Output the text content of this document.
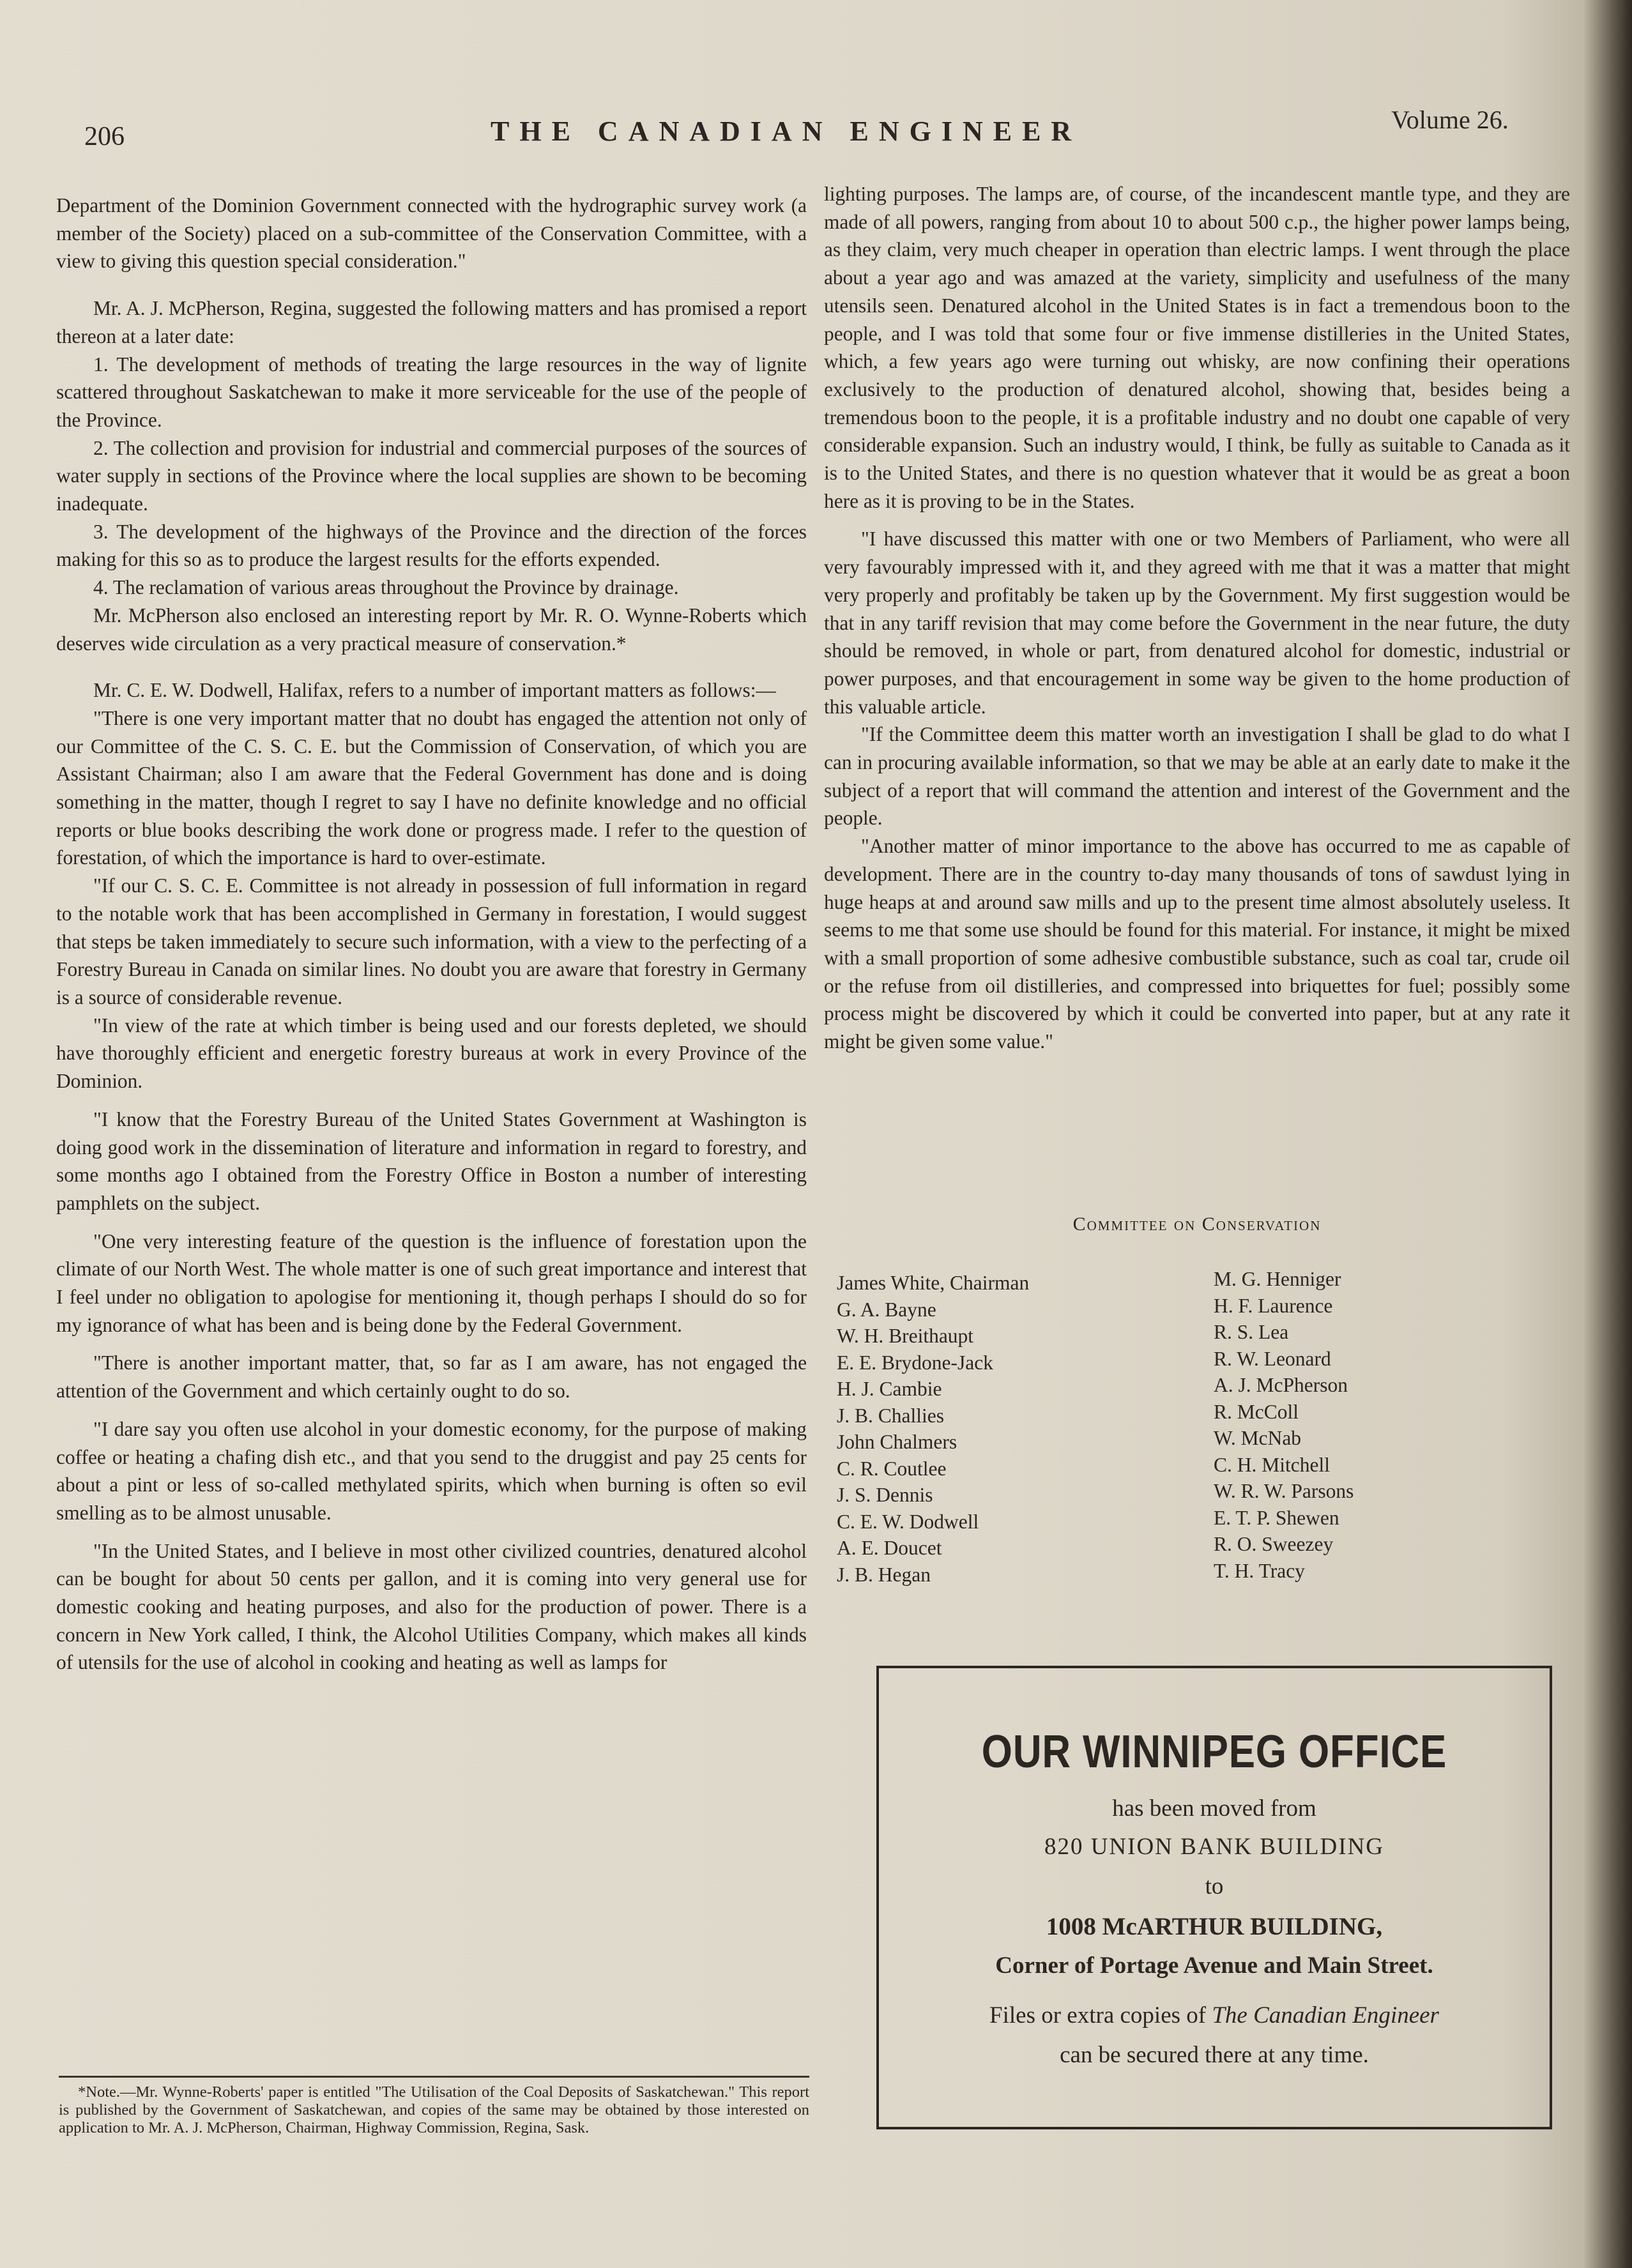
206	THE CANADIAN ENGINEER	Volume 26.

Department of the Dominion Government connected with the hydrographic survey work (a member of the Society) placed on a sub-committee of the Conservation Committee, with a view to giving this question special consideration."

Mr. A. J. McPherson, Regina, suggested the following matters and has promised a report thereon at a later date:

1. The development of methods of treating the large resources in the way of lignite scattered throughout Saskatchewan to make it more serviceable for the use of the people of the Province.

2. The collection and provision for industrial and commercial purposes of the sources of water supply in sections of the Province where the local supplies are shown to be becoming inadequate.

3. The development of the highways of the Province and the direction of the forces making for this so as to produce the largest results for the efforts expended.

4. The reclamation of various areas throughout the Province by drainage.

Mr. McPherson also enclosed an interesting report by Mr. R. O. Wynne-Roberts which deserves wide circulation as a very practical measure of conservation.*

Mr. C. E. W. Dodwell, Halifax, refers to a number of important matters as follows:—

"There is one very important matter that no doubt has engaged the attention not only of our Committee of the C. S. C. E. but the Commission of Conservation, of which you are Assistant Chairman; also I am aware that the Federal Government has done and is doing something in the matter, though I regret to say I have no definite knowledge and no official reports or blue books describing the work done or progress made. I refer to the question of forestation, of which the importance is hard to over-estimate.

"If our C. S. C. E. Committee is not already in possession of full information in regard to the notable work that has been accomplished in Germany in forestation, I would suggest that steps be taken immediately to secure such information, with a view to the perfecting of a Forestry Bureau in Canada on similar lines. No doubt you are aware that forestry in Germany is a source of considerable revenue.

"In view of the rate at which timber is being used and our forests depleted, we should have thoroughly efficient and energetic forestry bureaus at work in every Province of the Dominion.

"I know that the Forestry Bureau of the United States Government at Washington is doing good work in the dissemination of literature and information in regard to forestry, and some months ago I obtained from the Forestry Office in Boston a number of interesting pamphlets on the subject.

"One very interesting feature of the question is the influence of forestation upon the climate of our North West. The whole matter is one of such great importance and interest that I feel under no obligation to apologise for mentioning it, though perhaps I should do so for my ignorance of what has been and is being done by the Federal Government.

"There is another important matter, that, so far as I am aware, has not engaged the attention of the Government and which certainly ought to do so.

"I dare say you often use alcohol in your domestic economy, for the purpose of making coffee or heating a chafing dish etc., and that you send to the druggist and pay 25 cents for about a pint or less of so-called methylated spirits, which when burning is often so evil smelling as to be almost unusable.

"In the United States, and I believe in most other civilized countries, denatured alcohol can be bought for about 50 cents per gallon, and it is coming into very general use for domestic cooking and heating purposes, and also for the production of power. There is a concern in New York called, I think, the Alcohol Utilities Company, which makes all kinds of utensils for the use of alcohol in cooking and heating as well as lamps for

*Note.—Mr. Wynne-Roberts' paper is entitled "The Utilisation of the Coal Deposits of Saskatchewan." This report is published by the Government of Saskatchewan, and copies of the same may be obtained by those interested on application to Mr. A. J. McPherson, Chairman, Highway Commission, Regina, Sask.

lighting purposes. The lamps are, of course, of the incandescent mantle type, and they are made of all powers, ranging from about 10 to about 500 c.p., the higher power lamps being, as they claim, very much cheaper in operation than electric lamps. I went through the place about a year ago and was amazed at the variety, simplicity and usefulness of the many utensils seen. Denatured alcohol in the United States is in fact a tremendous boon to the people, and I was told that some four or five immense distilleries in the United States, which, a few years ago were turning out whisky, are now confining their operations exclusively to the production of denatured alcohol, showing that, besides being a tremendous boon to the people, it is a profitable industry and no doubt one capable of very considerable expansion. Such an industry would, I think, be fully as suitable to Canada as it is to the United States, and there is no question whatever that it would be as great a boon here as it is proving to be in the States.

"I have discussed this matter with one or two Members of Parliament, who were all very favourably impressed with it, and they agreed with me that it was a matter that might very properly and profitably be taken up by the Government. My first suggestion would be that in any tariff revision that may come before the Government in the near future, the duty should be removed, in whole or part, from denatured alcohol for domestic, industrial or power purposes, and that encouragement in some way be given to the home production of this valuable article.

"If the Committee deem this matter worth an investigation I shall be glad to do what I can in procuring available information, so that we may be able at an early date to make it the subject of a report that will command the attention and interest of the Government and the people.

"Another matter of minor importance to the above has occurred to me as capable of development. There are in the country to-day many thousands of tons of sawdust lying in huge heaps at and around saw mills and up to the present time almost absolutely useless. It seems to me that some use should be found for this material. For instance, it might be mixed with a small proportion of some adhesive combustible substance, such as coal tar, crude oil or the refuse from oil distilleries, and compressed into briquettes for fuel; possibly some process might be discovered by which it could be converted into paper, but at any rate it might be given some value."

Committee on Conservation
James White, Chairman
G. A. Bayne
W. H. Breithaupt
E. E. Brydone-Jack
H. J. Cambie
J. B. Challies
John Chalmers
C. R. Coutlee
J. S. Dennis
C. E. W. Dodwell
A. E. Doucet
J. B. Hegan
M. G. Henniger
H. F. Laurence
R. S. Lea
R. W. Leonard
A. J. McPherson
R. McColl
W. McNab
C. H. Mitchell
W. R. W. Parsons
E. T. P. Shewen
R. O. Sweezey
T. H. Tracy
OUR WINNIPEG OFFICE
has been moved from
820 UNION BANK BUILDING
to
1008 McARTHUR BUILDING,
Corner of Portage Avenue and Main Street.
Files or extra copies of The Canadian Engineer
can be secured there at any time.
